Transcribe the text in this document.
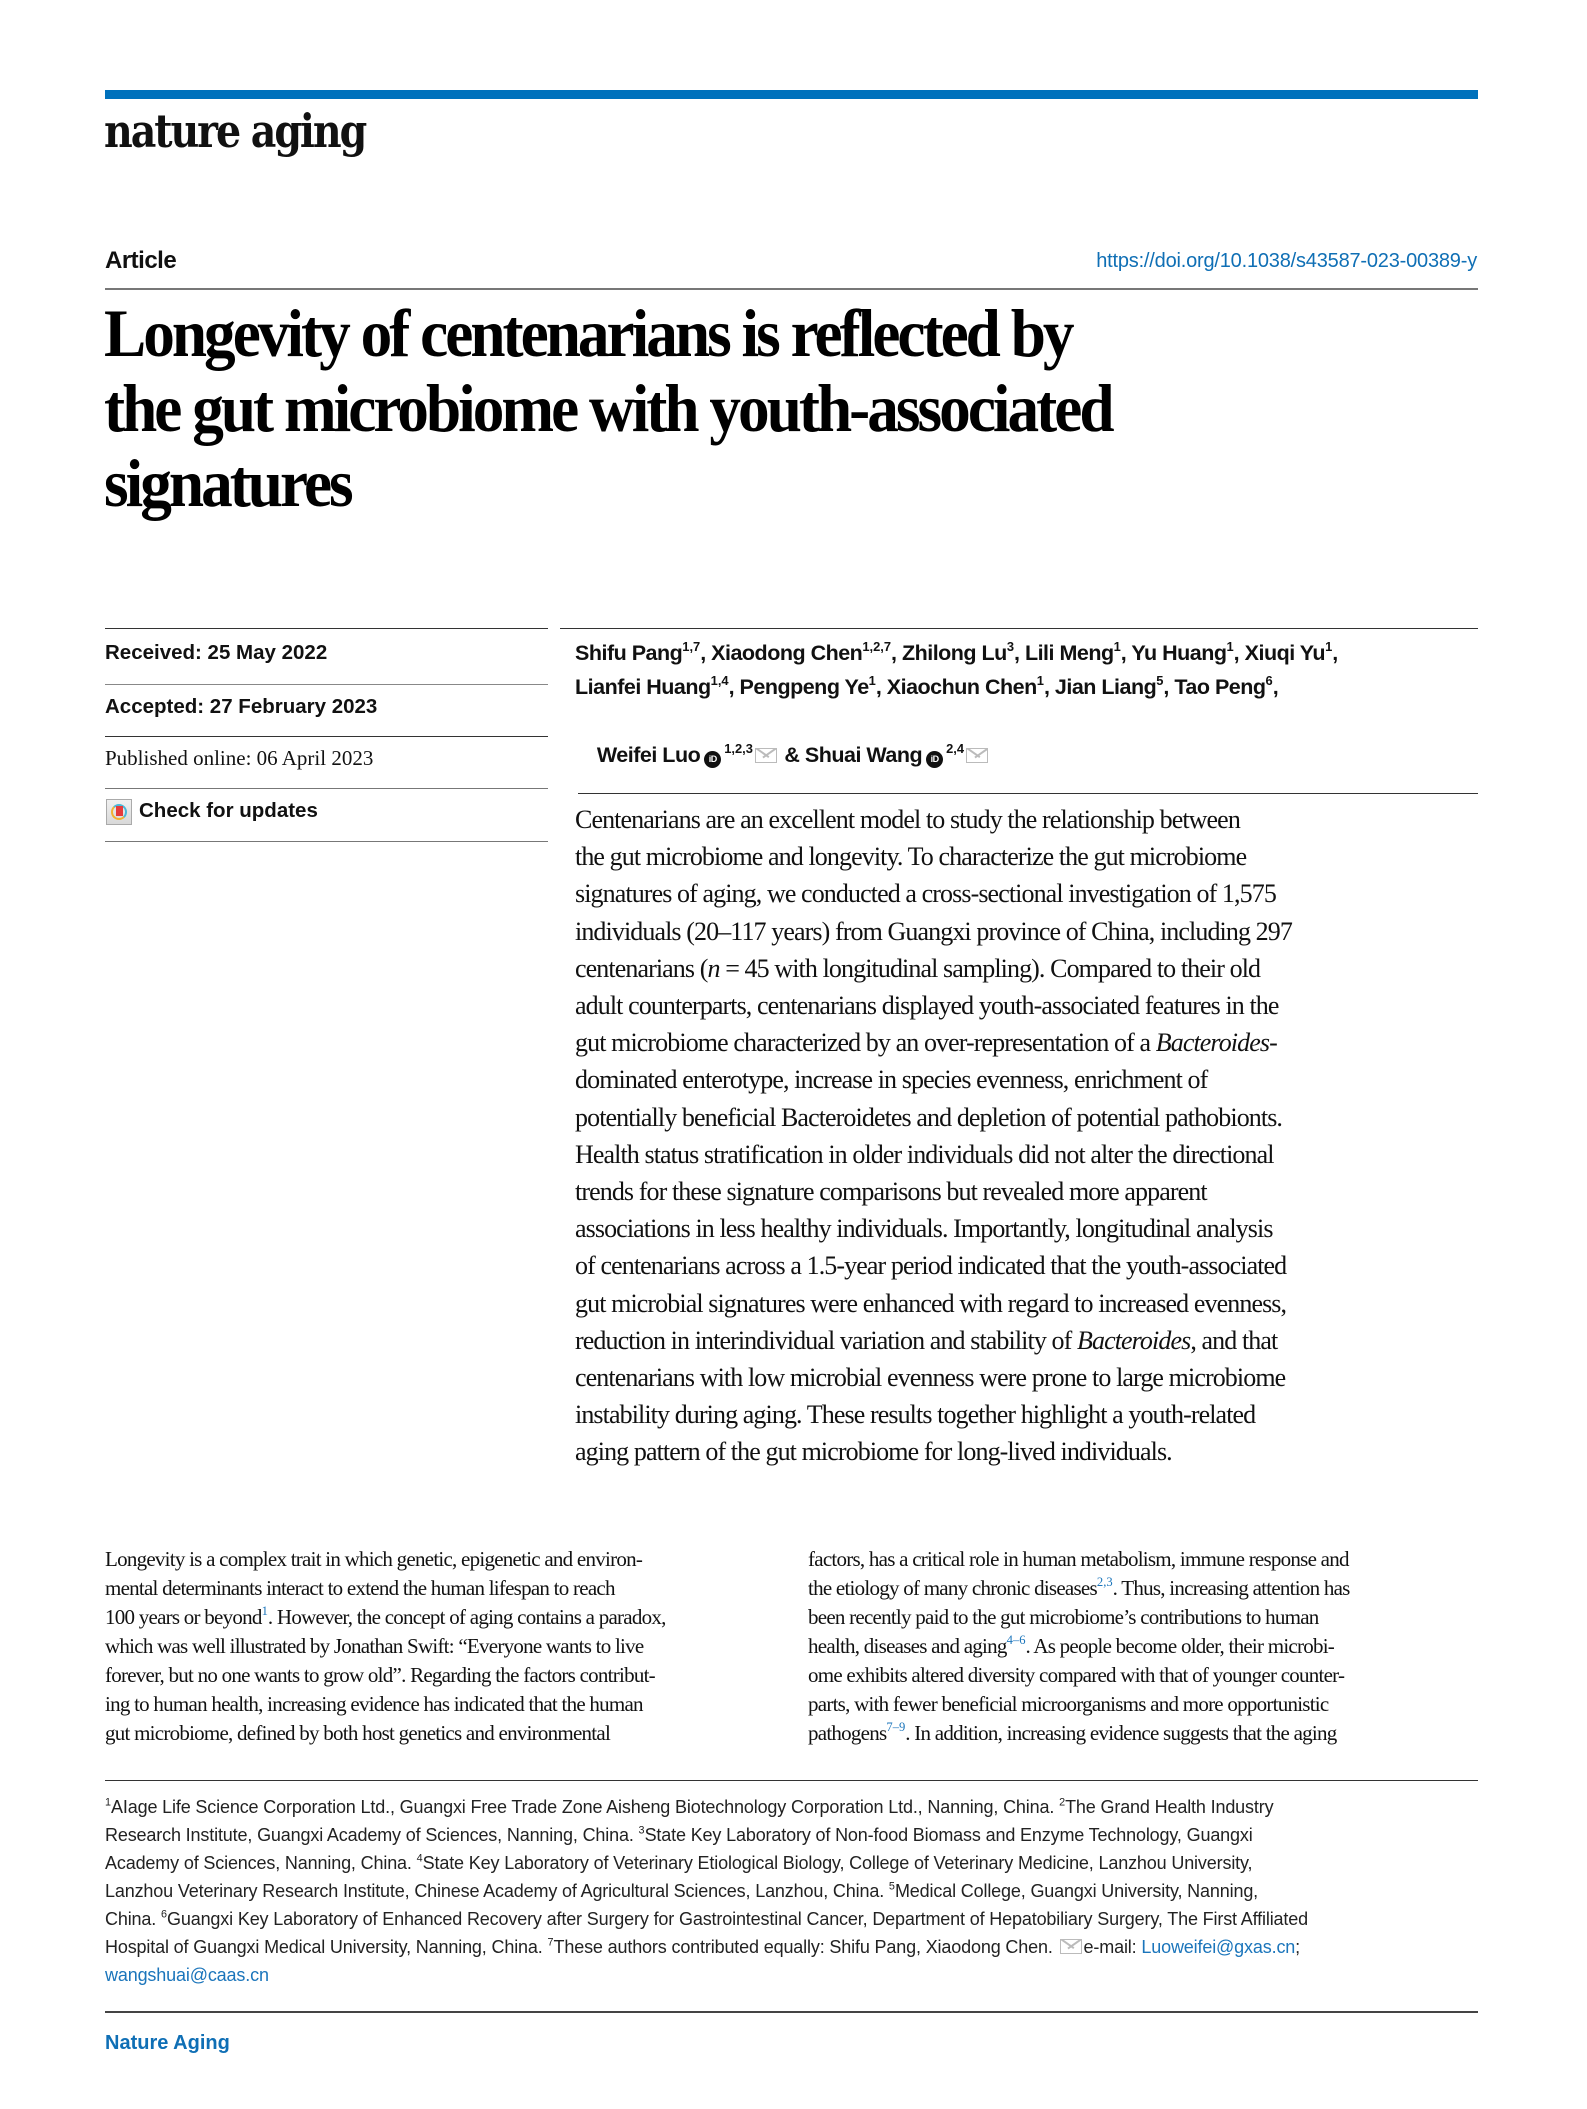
nature aging
Article	https://doi.org/10.1038/s43587-023-00389-y
Longevity of centenarians is reflected by
the gut microbiome with youth-associated
signatures
Received: 25 May 2022
Accepted: 27 February 2023
Published online: 06 April 2023
Check for updates
Shifu Pang$^{1,7}$, Xiaodong Chen$^{1,2,7}$, Zhilong Lu$^3$, Lili Meng$^1$, Yu Huang$^1$, Xiuqi Yu$^1$,
Lianfei Huang$^{1,4}$, Pengpeng Ye$^1$, Xiaochun Chen$^1$, Jian Liang$^5$, Tao Peng$^6$,

Weifei Luo iD$^{1,2,3}$ & Shuai Wang iD$^{2,4}$

Centenarians are an excellent model to study the relationship between
the gut microbiome and longevity. To characterize the gut microbiome
signatures of aging, we conducted a cross-sectional investigation of 1,575
individuals (20–117 years) from Guangxi province of China, including 297
centenarians (n = 45 with longitudinal sampling). Compared to their old
adult counterparts, centenarians displayed youth-associated features in the
gut microbiome characterized by an over-representation of a Bacteroides-
dominated enterotype, increase in species evenness, enrichment of
potentially beneficial Bacteroidetes and depletion of potential pathobionts.
Health status stratification in older individuals did not alter the directional
trends for these signature comparisons but revealed more apparent
associations in less healthy individuals. Importantly, longitudinal analysis
of centenarians across a 1.5-year period indicated that the youth-associated
gut microbial signatures were enhanced with regard to increased evenness,
reduction in interindividual variation and stability of Bacteroides, and that
centenarians with low microbial evenness were prone to large microbiome
instability during aging. These results together highlight a youth-related
aging pattern of the gut microbiome for long-lived individuals.
Longevity is a complex trait in which genetic, epigenetic and environ-
mental determinants interact to extend the human lifespan to reach
100 years or beyond$^1$. However, the concept of aging contains a paradox,
which was well illustrated by Jonathan Swift: “Everyone wants to live
forever, but no one wants to grow old”. Regarding the factors contribut-
ing to human health, increasing evidence has indicated that the human
gut microbiome, defined by both host genetics and environmental
factors, has a critical role in human metabolism, immune response and
the etiology of many chronic diseases$^{2,3}$. Thus, increasing attention has
been recently paid to the gut microbiome’s contributions to human
health, diseases and aging$^{4-6}$. As people become older, their microbi-
ome exhibits altered diversity compared with that of younger counter-
parts, with fewer beneficial microorganisms and more opportunistic
pathogens$^{7-9}$. In addition, increasing evidence suggests that the aging
$^1$AIage Life Science Corporation Ltd., Guangxi Free Trade Zone Aisheng Biotechnology Corporation Ltd., Nanning, China. $^2$The Grand Health Industry
Research Institute, Guangxi Academy of Sciences, Nanning, China. $^3$State Key Laboratory of Non-food Biomass and Enzyme Technology, Guangxi
Academy of Sciences, Nanning, China. $^4$State Key Laboratory of Veterinary Etiological Biology, College of Veterinary Medicine, Lanzhou University,
Lanzhou Veterinary Research Institute, Chinese Academy of Agricultural Sciences, Lanzhou, China. $^5$Medical College, Guangxi University, Nanning,
China. $^6$Guangxi Key Laboratory of Enhanced Recovery after Surgery for Gastrointestinal Cancer, Department of Hepatobiliary Surgery, The First Affiliated
Hospital of Guangxi Medical University, Nanning, China. $^7$These authors contributed equally: Shifu Pang, Xiaodong Chen. e-mail: Luoweifei@gxas.cn;
wangshuai@caas.cn
Nature Aging
